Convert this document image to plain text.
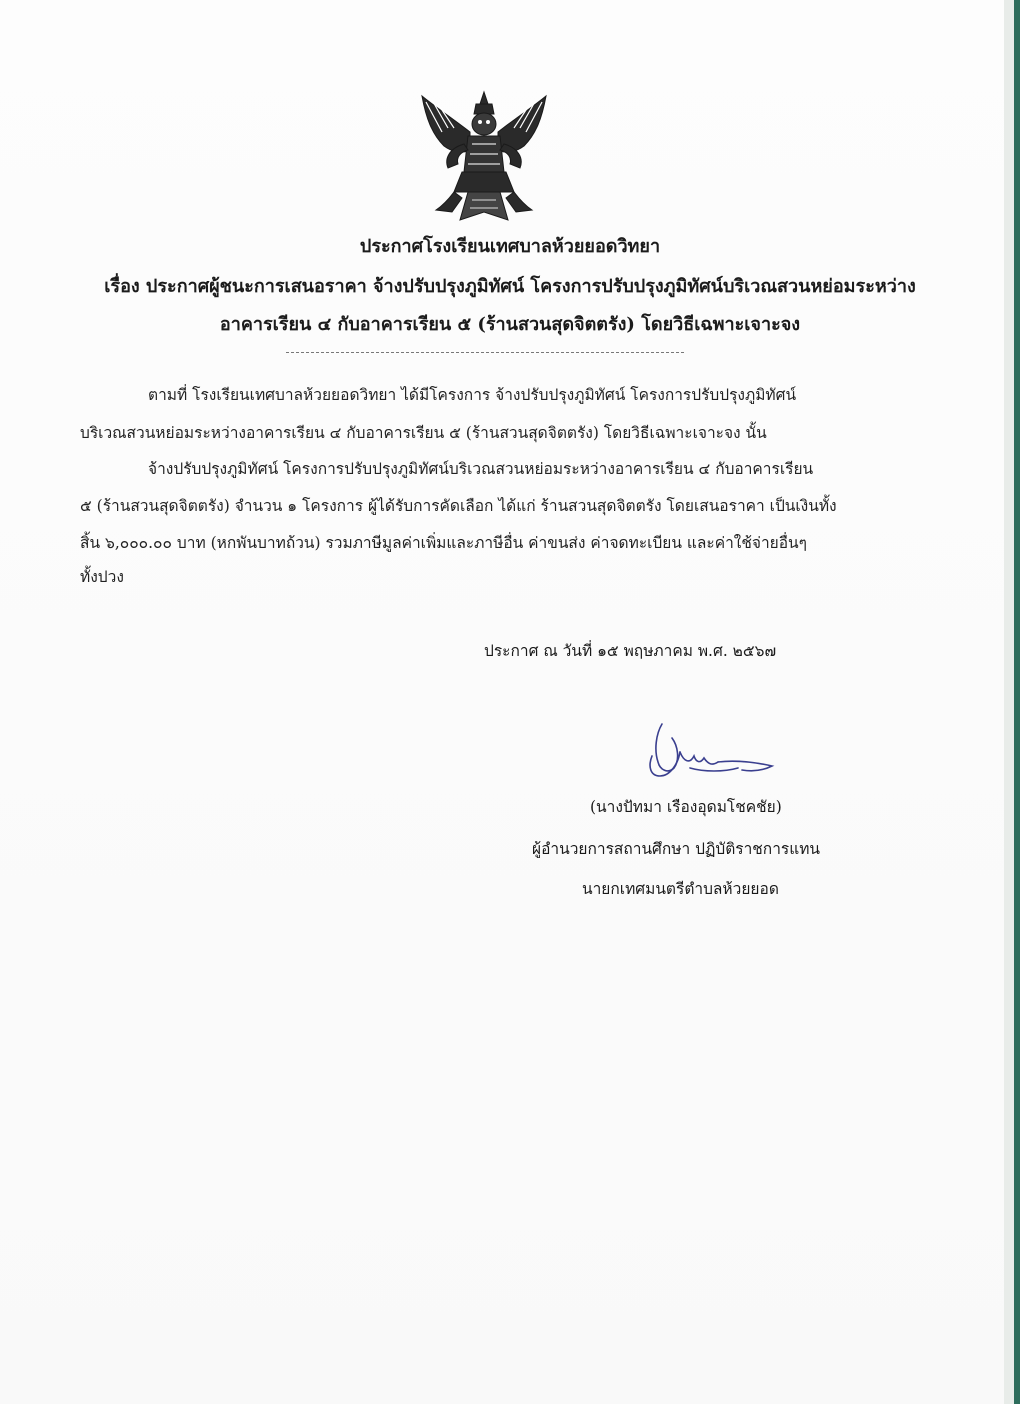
ประกาศโรงเรียนเทศบาลห้วยยอดวิทยา
เรื่อง ประกาศผู้ชนะการเสนอราคา จ้างปรับปรุงภูมิทัศน์ โครงการปรับปรุงภูมิทัศน์บริเวณสวนหย่อมระหว่าง
อาคารเรียน ๔ กับอาคารเรียน ๕ (ร้านสวนสุดจิตตรัง) โดยวิธีเฉพาะเจาะจง
ตามที่ โรงเรียนเทศบาลห้วยยอดวิทยา ได้มีโครงการ จ้างปรับปรุงภูมิทัศน์ โครงการปรับปรุงภูมิทัศน์
บริเวณสวนหย่อมระหว่างอาคารเรียน ๔ กับอาคารเรียน ๕ (ร้านสวนสุดจิตตรัง) โดยวิธีเฉพาะเจาะจง นั้น
จ้างปรับปรุงภูมิทัศน์ โครงการปรับปรุงภูมิทัศน์บริเวณสวนหย่อมระหว่างอาคารเรียน ๔ กับอาคารเรียน
๕ (ร้านสวนสุดจิตตรัง) จำนวน ๑ โครงการ ผู้ได้รับการคัดเลือก ได้แก่ ร้านสวนสุดจิตตรัง โดยเสนอราคา เป็นเงินทั้ง
สิ้น ๖,๐๐๐.๐๐ บาท (หกพันบาทถ้วน) รวมภาษีมูลค่าเพิ่มและภาษีอื่น ค่าขนส่ง ค่าจดทะเบียน และค่าใช้จ่ายอื่นๆ
ทั้งปวง
ประกาศ ณ วันที่ ๑๕ พฤษภาคม พ.ศ. ๒๕๖๗
(นางปัทมา เรืองอุดมโชคชัย)
ผู้อำนวยการสถานศึกษา ปฏิบัติราชการแทน
นายกเทศมนตรีตำบลห้วยยอด
